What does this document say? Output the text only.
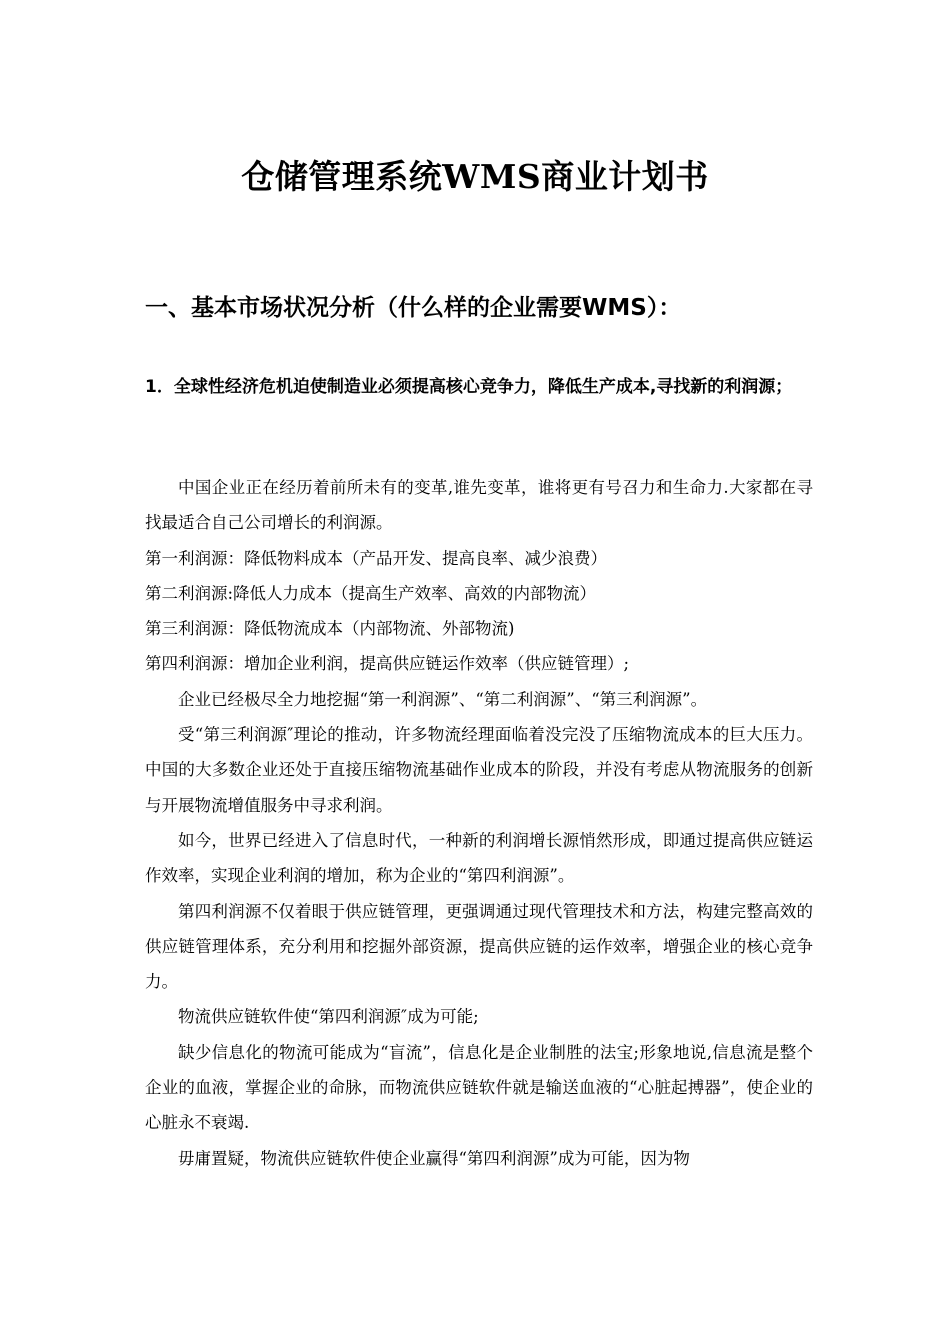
仓储管理系统WMS商业计划书
一、基本市场状况分析（什么样的企业需要WMS）：
1．全球性经济危机迫使制造业必须提高核心竞争力，降低生产成本,寻找新的利润源；

中国企业正在经历着前所未有的变革,谁先变革，谁将更有号召力和生命力.大家都在寻找最适合自己公司增长的利润源。

第一利润源：降低物料成本（产品开发、提高良率、减少浪费）

第二利润源:降低人力成本（提高生产效率、高效的内部物流）

第三利润源：降低物流成本（内部物流、外部物流)

第四利润源：增加企业利润，提高供应链运作效率（供应链管理）;

企业已经极尽全力地挖掘“第一利润源”、“第二利润源”、“第三利润源”。

受“第三利润源″理论的推动，许多物流经理面临着没完没了压缩物流成本的巨大压力。中国的大多数企业还处于直接压缩物流基础作业成本的阶段，并没有考虑从物流服务的创新与开展物流增值服务中寻求利润。

如今，世界已经进入了信息时代，一种新的利润增长源悄然形成，即通过提高供应链运作效率，实现企业利润的增加，称为企业的“第四利润源”。

第四利润源不仅着眼于供应链管理，更强调通过现代管理技术和方法，构建完整高效的供应链管理体系，充分利用和挖掘外部资源，提高供应链的运作效率，增强企业的核心竞争力。

物流供应链软件使“第四利润源″成为可能;

缺少信息化的物流可能成为“盲流”，信息化是企业制胜的法宝;形象地说,信息流是整个企业的血液，掌握企业的命脉，而物流供应链软件就是输送血液的“心脏起搏器”，使企业的心脏永不衰竭.

毋庸置疑，物流供应链软件使企业赢得“第四利润源”成为可能，因为物
